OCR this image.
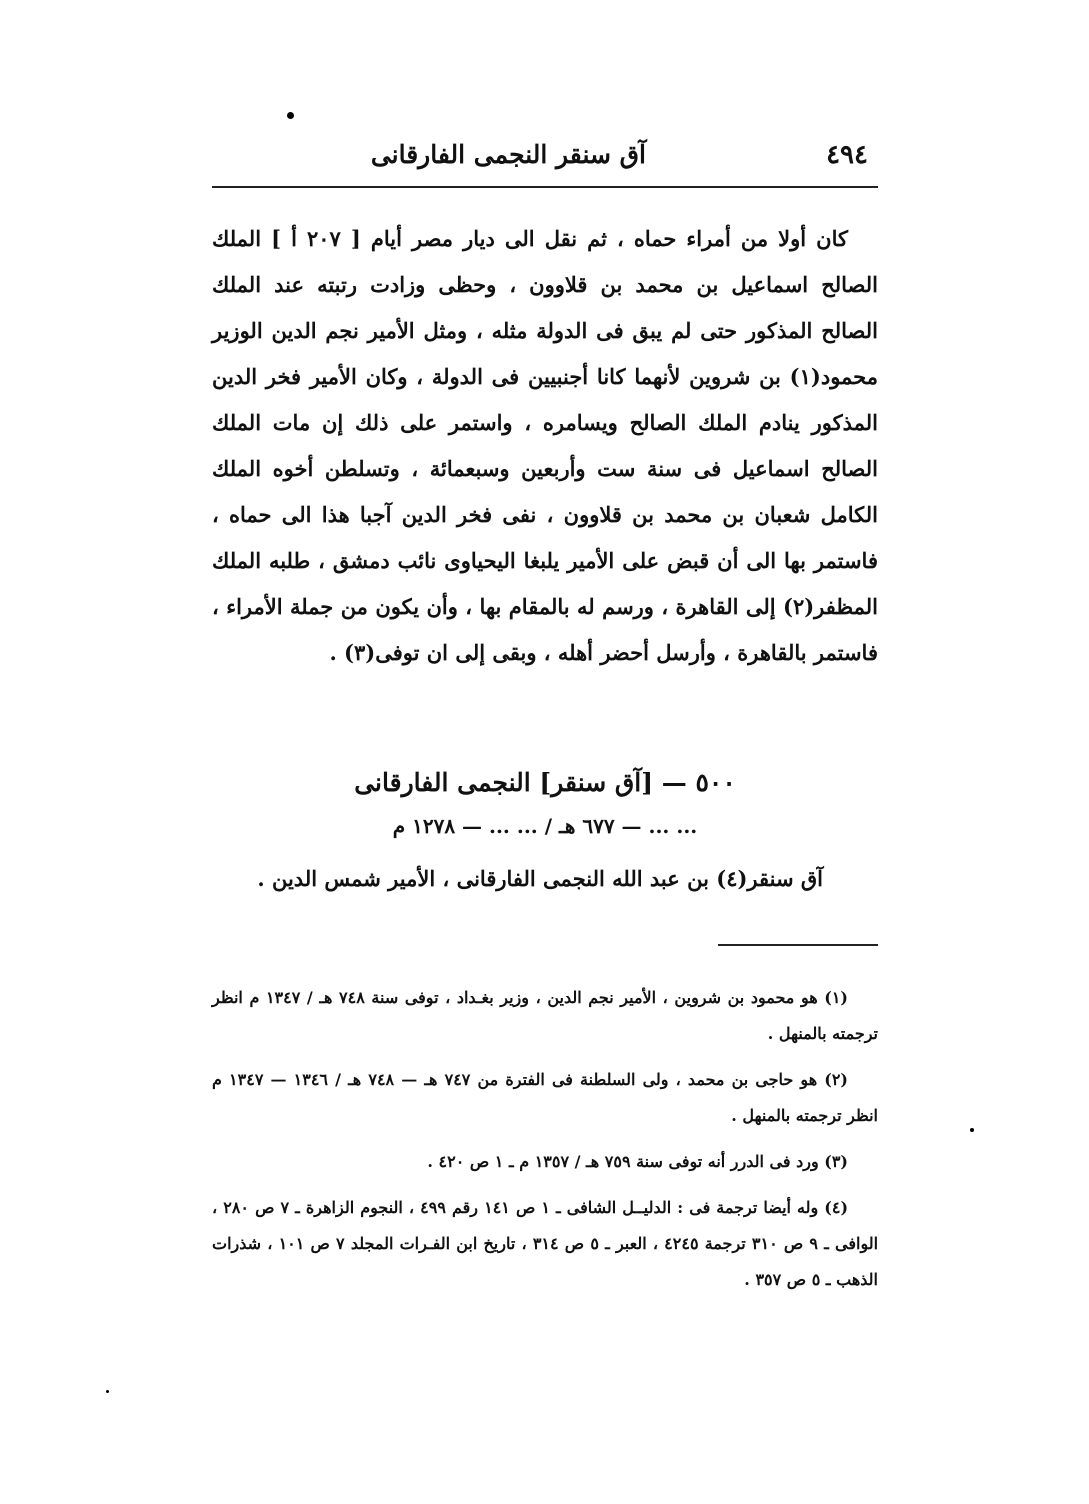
٤٩٤
آق سنقر النجمى الفارقانى

كان أولا من أمراء حماه ، ثم نقل الى ديار مصر أيام [ ٢٠٧ أ ] الملك الصالح اسماعيل بن محمد بن قلاوون ، وحظى وزادت رتبته عند الملك الصالح المذكور حتى لم يبق فى الدولة مثله ، ومثل الأمير نجم الدين الوزير محمود(١) بن شروين لأنهما كانا أجنبيين فى الدولة ، وكان الأمير فخر الدين المذكور ينادم الملك الصالح ويسامره ، واستمر على ذلك إن مات الملك الصالح اسماعيل فى سنة ست وأربعين وسبعمائة ، وتسلطن أخوه الملك الكامل شعبان بن محمد بن قلاوون ، نفى فخر الدين آجبا هذا الى حماه ، فاستمر بها الى أن قبض على الأمير يلبغا اليحياوى نائب دمشق ، طلبه الملك المظفر(٢) إلى القاهرة ، ورسم له بالمقام بها ، وأن يكون من جملة الأمراء ، فاستمر بالقاهرة ، وأرسل أحضر أهله ، وبقى إلى ان توفى(٣) .

٥٠٠ — [آق سنقر] النجمى الفارقانى
... ... — ٦٧٧ هـ / ... ... — ١٢٧٨ م
آق سنقر(٤) بن عبد الله النجمى الفارقانى ، الأمير شمس الدين .

(١) هو محمود بن شروين ، الأمير نجم الدين ، وزير بغـداد ، توفى سنة ٧٤٨ هـ / ١٣٤٧ م انظر ترجمته بالمنهل .

(٢) هو حاجى بن محمد ، ولى السلطنة فى الفترة من ٧٤٧ هـ — ٧٤٨ هـ / ١٣٤٦ — ١٣٤٧ م انظر ترجمته بالمنهل .

(٣) ورد فى الدرر أنه توفى سنة ٧٥٩ هـ / ١٣٥٧ م ـ ١ ص ٤٢٠ .

(٤) وله أيضا ترجمة فى : الدليــل الشافى ـ ١ ص ١٤١ رقم ٤٩٩ ، النجوم الزاهرة ـ ٧ ص ٢٨٠ ، الوافى ـ ٩ ص ٣١٠ ترجمة ٤٢٤٥ ، العبر ـ ٥ ص ٣١٤ ، تاريخ ابن الفـرات المجلد ٧ ص ١٠١ ، شذرات الذهب ـ ٥ ص ٣٥٧ .
